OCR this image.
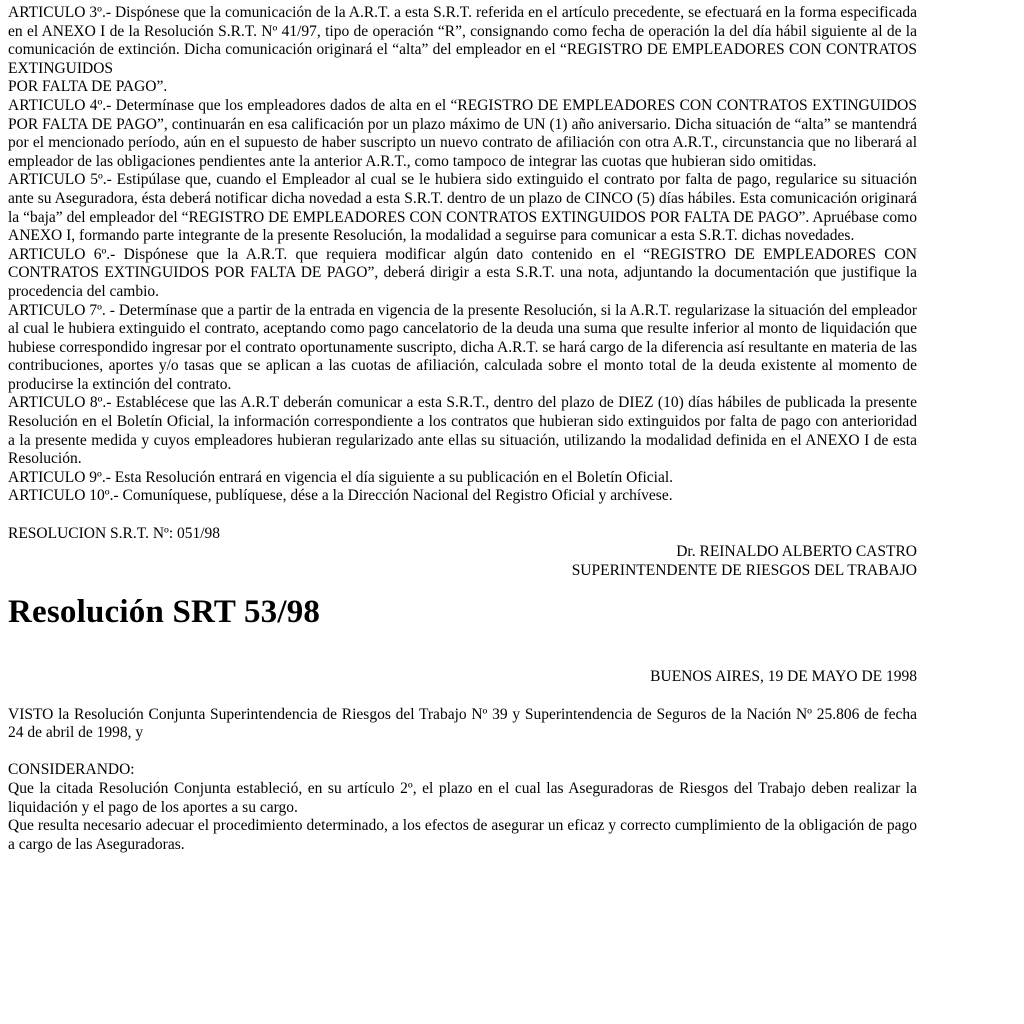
ARTICULO 3º.- Dispónese que la comunicación de la A.R.T. a esta S.R.T. referida en el artículo precedente, se efectuará en la forma especificada en el ANEXO I de la Resolución S.R.T. Nº 41/97, tipo de operación “R”, consignando como fecha de operación la del día hábil siguiente al de la comunicación de extinción. Dicha comunicación originará el “alta” del empleador en el “REGISTRO DE EMPLEADORES CON CONTRATOS EXTINGUIDOS

POR FALTA DE PAGO”.

ARTICULO 4º.- Determínase que los empleadores dados de alta en el “REGISTRO DE EMPLEADORES CON CONTRATOS EXTINGUIDOS POR FALTA DE PAGO”, continuarán en esa calificación por un plazo máximo de UN (1) año aniversario. Dicha situación de “alta” se mantendrá por el mencionado período, aún en el supuesto de haber suscripto un nuevo contrato de afiliación con otra A.R.T., circunstancia que no liberará al empleador de las obligaciones pendientes ante la anterior A.R.T., como tampoco de integrar las cuotas que hubieran sido omitidas.

ARTICULO 5º.- Estipúlase que, cuando el Empleador al cual se le hubiera sido extinguido el contrato por falta de pago, regularice su situación ante su Aseguradora, ésta deberá notificar dicha novedad a esta S.R.T. dentro de un plazo de CINCO (5) días hábiles. Esta comunicación originará la “baja” del empleador del “REGISTRO DE EMPLEADORES CON CONTRATOS EXTINGUIDOS POR FALTA DE PAGO”. Apruébase como ANEXO I, formando parte integrante de la presente Resolución, la modalidad a seguirse para comunicar a esta S.R.T. dichas novedades.

ARTICULO 6º.- Dispónese que la A.R.T. que requiera modificar algún dato contenido en el “REGISTRO DE EMPLEADORES CON CONTRATOS EXTINGUIDOS POR FALTA DE PAGO”, deberá dirigir a esta S.R.T. una nota, adjuntando la documentación que justifique la procedencia del cambio.

ARTICULO 7º. - Determínase que a partir de la entrada en vigencia de la presente Resolución, si la A.R.T. regularizase la situación del empleador al cual le hubiera extinguido el contrato, aceptando como pago cancelatorio de la deuda una suma que resulte inferior al monto de liquidación que hubiese correspondido ingresar por el contrato oportunamente suscripto, dicha A.R.T. se hará cargo de la diferencia así resultante en materia de las contribuciones, aportes y/o tasas que se aplican a las cuotas de afiliación, calculada sobre el monto total de la deuda existente al momento de producirse la extinción del contrato.

ARTICULO 8º.- Establécese que las A.R.T deberán comunicar a esta S.R.T., dentro del plazo de DIEZ (10) días hábiles de publicada la presente Resolución en el Boletín Oficial, la información correspondiente a los contratos que hubieran sido extinguidos por falta de pago con anterioridad a la presente medida y cuyos empleadores hubieran regularizado ante ellas su situación, utilizando la modalidad definida en el ANEXO I de esta Resolución.

ARTICULO 9º.- Esta Resolución entrará en vigencia el día siguiente a su publicación en el Boletín Oficial.

ARTICULO 10º.- Comuníquese, publíquese, dése a la Dirección Nacional del Registro Oficial y archívese.

RESOLUCION S.R.T. Nº: 051/98

Dr. REINALDO ALBERTO CASTRO

SUPERINTENDENTE DE RIESGOS DEL TRABAJO

Resolución SRT 53/98

BUENOS AIRES, 19 DE MAYO DE 1998

VISTO la Resolución Conjunta Superintendencia de Riesgos del Trabajo Nº 39 y Superintendencia de Seguros de la Nación Nº 25.806 de fecha 24 de abril de 1998, y

CONSIDERANDO:

Que la citada Resolución Conjunta estableció, en su artículo 2º, el plazo en el cual las Aseguradoras de Riesgos del Trabajo deben realizar la liquidación y el pago de los aportes a su cargo.

Que resulta necesario adecuar el procedimiento determinado, a los efectos de asegurar un eficaz y correcto cumplimiento de la obligación de pago a cargo de las Aseguradoras.
